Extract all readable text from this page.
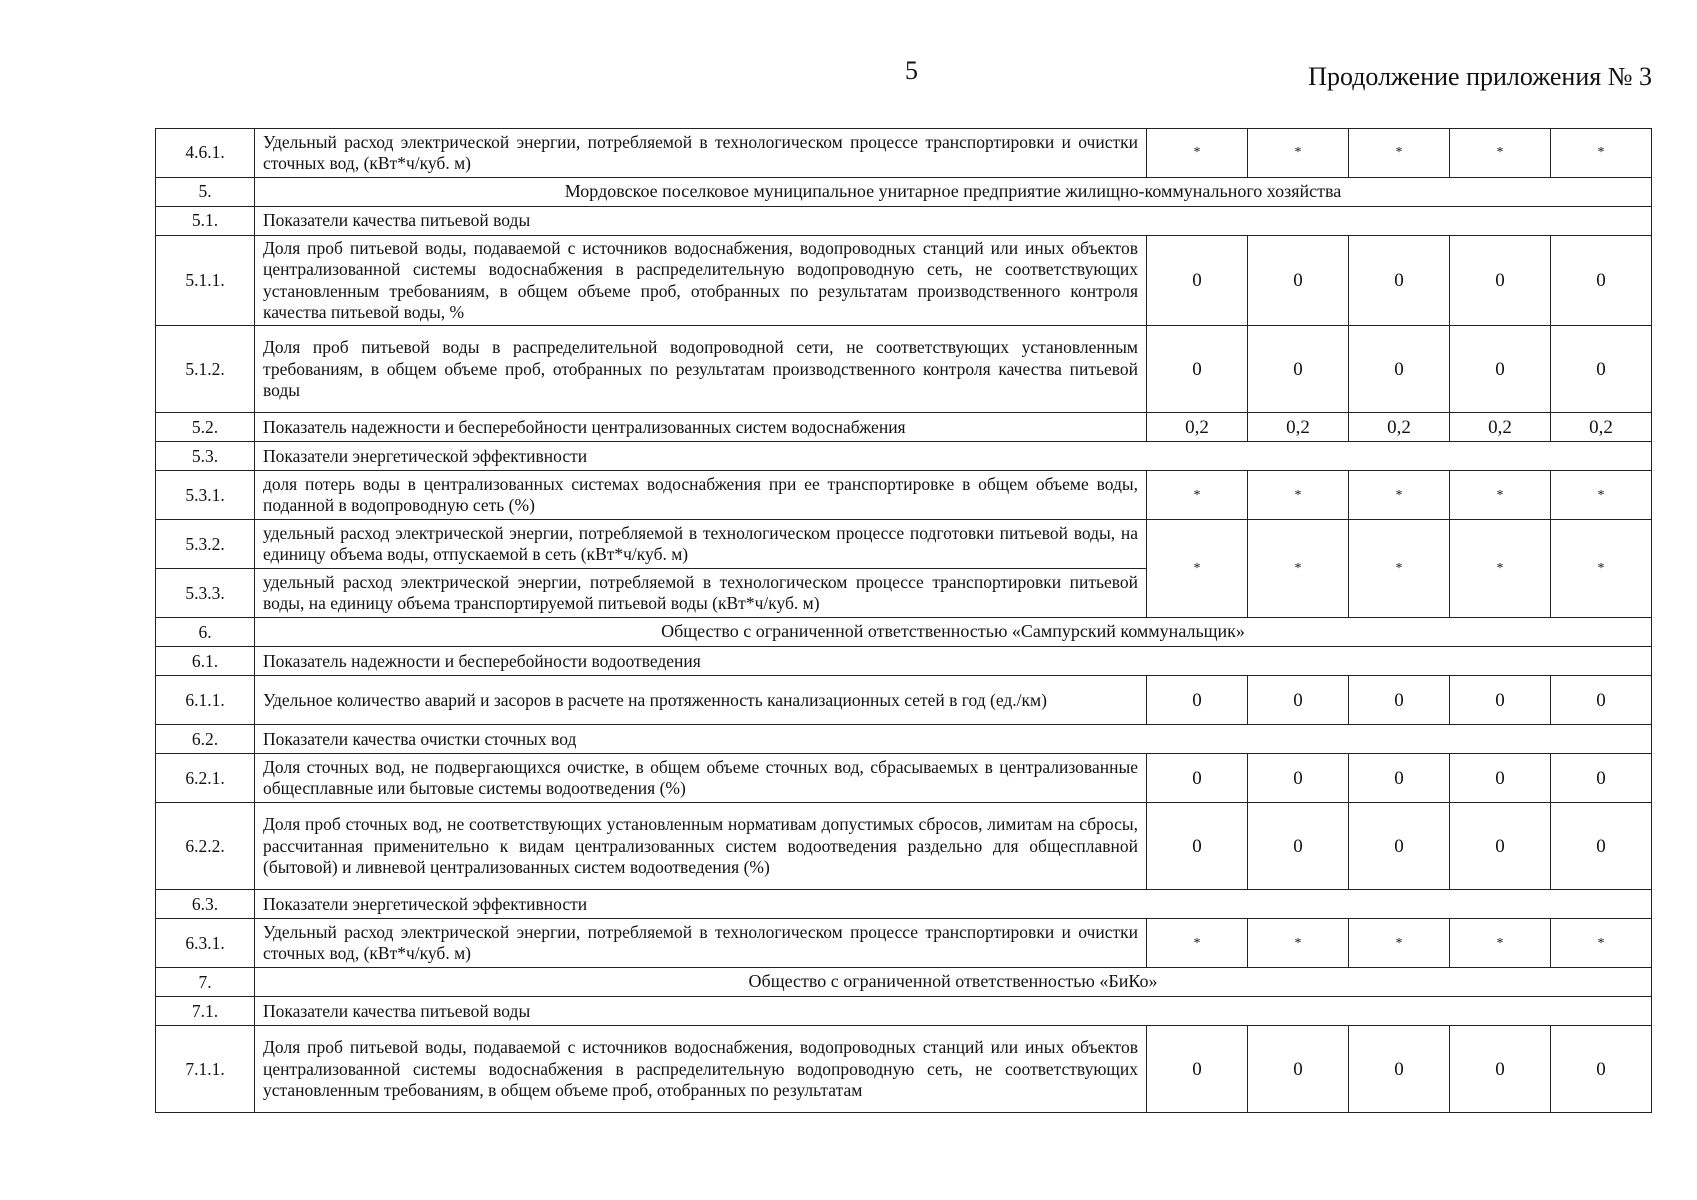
5	Продолжение приложения № 3
4.6.1.	Удельный расход электрической энергии, потребляемой в технологическом процессе транспортировки и очистки сточных вод, (кВт*ч/куб. м)	*	*	*	*	*
5.	Мордовское поселковое муниципальное унитарное предприятие жилищно-коммунального хозяйства					
5.1.	Показатели качества питьевой воды					
5.1.1.	Доля проб питьевой воды, подаваемой с источников водоснабжения, водопроводных станций или иных объектов централизованной системы водоснабжения в распределительную водопроводную сеть, не соответствующих установленным требованиям, в общем объеме проб, отобранных по результатам производственного контроля качества питьевой воды, %	0	0	0	0	0
5.1.2.	Доля проб питьевой воды в распределительной водопроводной сети, не соответствующих установленным требованиям, в общем объеме проб, отобранных по результатам производственного контроля качества питьевой воды	0	0	0	0	0
5.2.	Показатель надежности и бесперебойности централизованных систем водоснабжения	0,2	0,2	0,2	0,2	0,2
5.3.	Показатели энергетической эффективности					
5.3.1.	доля потерь воды в централизованных системах водоснабжения при ее транспортировке в общем объеме воды, поданной в водопроводную сеть (%)	*	*	*	*	*
5.3.2.	удельный расход электрической энергии, потребляемой в технологическом процессе подготовки питьевой воды, на единицу объема воды, отпускаемой в сеть (кВт*ч/куб. м)	*	*	*	*	*
5.3.3.	удельный расход электрической энергии, потребляемой в технологическом процессе транспортировки питьевой воды, на единицу объема транспортируемой питьевой воды (кВт*ч/куб. м)					
6.	Общество с ограниченной ответственностью «Сампурский коммунальщик»					
6.1.	Показатель надежности и бесперебойности водоотведения					
6.1.1.	Удельное количество аварий и засоров в расчете на протяженность канализационных сетей в год (ед./км)	0	0	0	0	0
6.2.	Показатели качества очистки сточных вод					
6.2.1.	Доля сточных вод, не подвергающихся очистке, в общем объеме сточных вод, сбрасываемых в централизованные общесплавные или бытовые системы водоотведения (%)	0	0	0	0	0
6.2.2.	Доля проб сточных вод, не соответствующих установленным нормативам допустимых сбросов, лимитам на сбросы, рассчитанная применительно к видам централизованных систем водоотведения раздельно для общесплавной (бытовой) и ливневой централизованных систем водоотведения (%)	0	0	0	0	0
6.3.	Показатели энергетической эффективности					
6.3.1.	Удельный расход электрической энергии, потребляемой в технологическом процессе транспортировки и очистки сточных вод, (кВт*ч/куб. м)	*	*	*	*	*
7.	Общество с ограниченной ответственностью «БиКо»					
7.1.	Показатели качества питьевой воды					
7.1.1.	Доля проб питьевой воды, подаваемой с источников водоснабжения, водопроводных станций или иных объектов централизованной системы водоснабжения в распределительную водопроводную сеть, не соответствующих установленным требованиям, в общем объеме проб, отобранных по результатам	0	0	0	0	0
